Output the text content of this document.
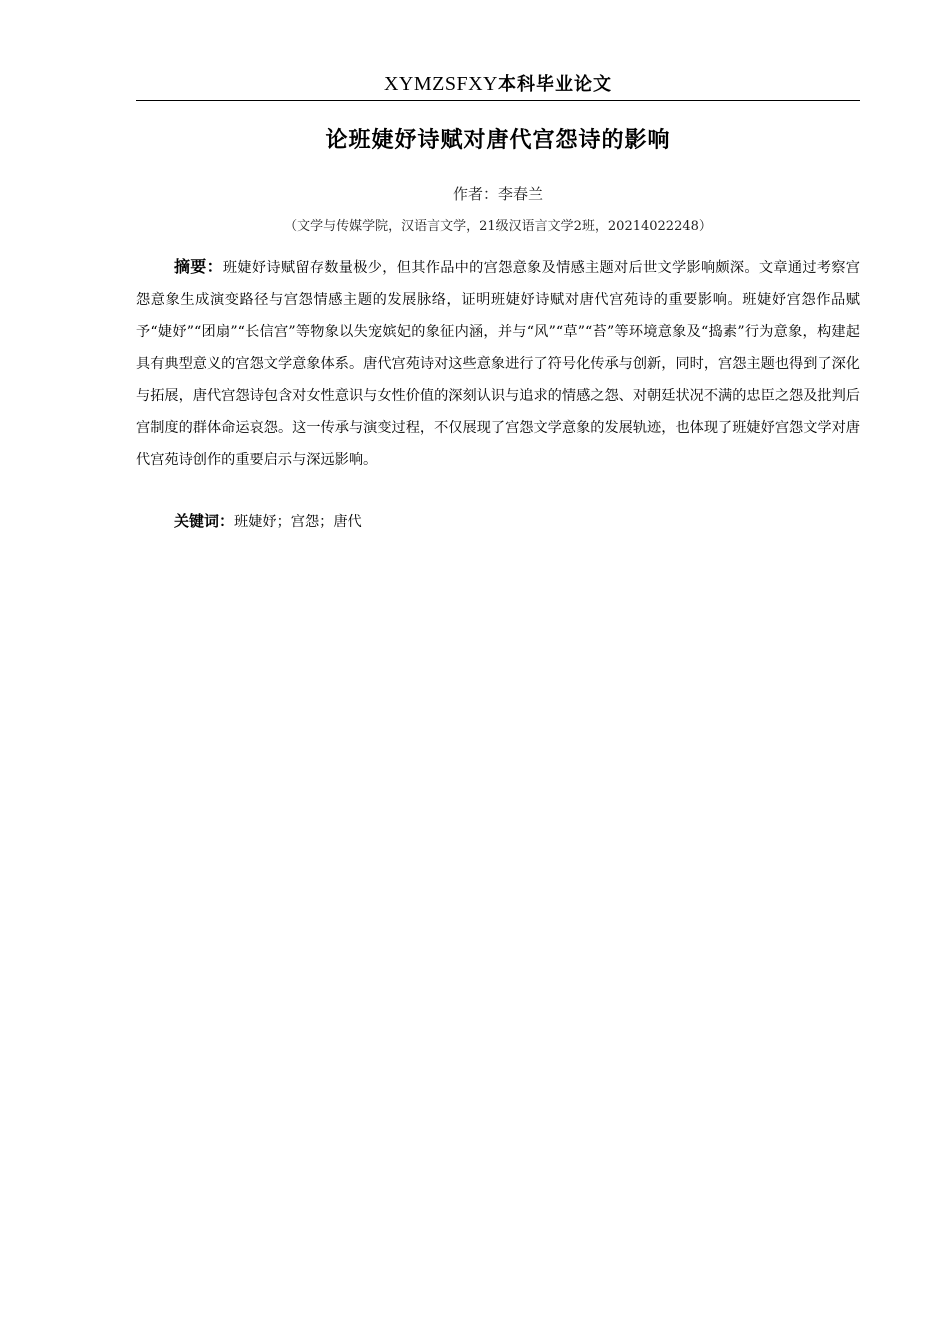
XYMZSFXY本科毕业论文
论班婕妤诗赋对唐代宫怨诗的影响
作者：李春兰
（文学与传媒学院，汉语言文学，21级汉语言文学2班，20214022248）

摘要：班婕妤诗赋留存数量极少，但其作品中的宫怨意象及情感主题对后世文学影响颇深。文章通过考察宫怨意象生成演变路径与宫怨情感主题的发展脉络，证明班婕妤诗赋对唐代宫苑诗的重要影响。班婕妤宫怨作品赋予“婕妤”“团扇”“长信宫”等物象以失宠嫔妃的象征内涵，并与“风”“草”“苔”等环境意象及“捣素”行为意象，构建起具有典型意义的宫怨文学意象体系。唐代宫苑诗对这些意象进行了符号化传承与创新，同时，宫怨主题也得到了深化与拓展，唐代宫怨诗包含对女性意识与女性价值的深刻认识与追求的情感之怨、对朝廷状况不满的忠臣之怨及批判后宫制度的群体命运哀怨。这一传承与演变过程，不仅展现了宫怨文学意象的发展轨迹，也体现了班婕妤宫怨文学对唐代宫苑诗创作的重要启示与深远影响。

关键词：班婕妤；宫怨；唐代
